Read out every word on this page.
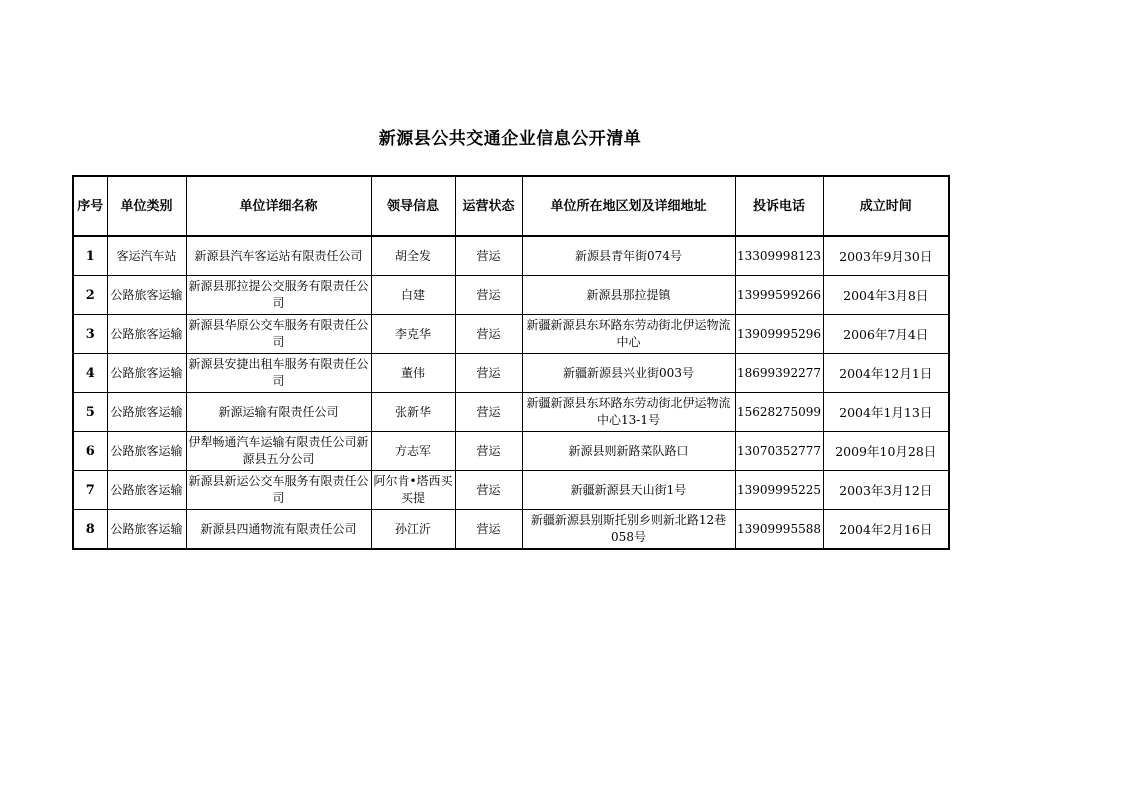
新源县公共交通企业信息公开清单
序号	单位类别	单位详细名称	领导信息	运营状态	单位所在地区划及详细地址	投诉电话	成立时间
1	客运汽车站	新源县汽车客运站有限责任公司	胡全发	营运	新源县青年街074号	13309998123	2003年9月30日
2	公路旅客运输	新源县那拉提公交服务有限责任公司	白建	营运	新源县那拉提镇	13999599266	2004年3月8日
3	公路旅客运输	新源县华原公交车服务有限责任公司	李克华	营运	新疆新源县东环路东劳动街北伊运物流中心	13909995296	2006年7月4日
4	公路旅客运输	新源县安捷出租车服务有限责任公司	董伟	营运	新疆新源县兴业街003号	18699392277	2004年12月1日
5	公路旅客运输	新源运输有限责任公司	张新华	营运	新疆新源县东环路东劳动街北伊运物流中心13-1号	15628275099	2004年1月13日
6	公路旅客运输	伊犁畅通汽车运输有限责任公司新源县五分公司	方志军	营运	新源县则新路菜队路口	13070352777	2009年10月28日
7	公路旅客运输	新源县新运公交车服务有限责任公司	阿尔肯•塔西买买提	营运	新疆新源县天山街1号	13909995225	2003年3月12日
8	公路旅客运输	新源县四通物流有限责任公司	孙江沂	营运	新疆新源县别斯托别乡则新北路12巷058号	13909995588	2004年2月16日
